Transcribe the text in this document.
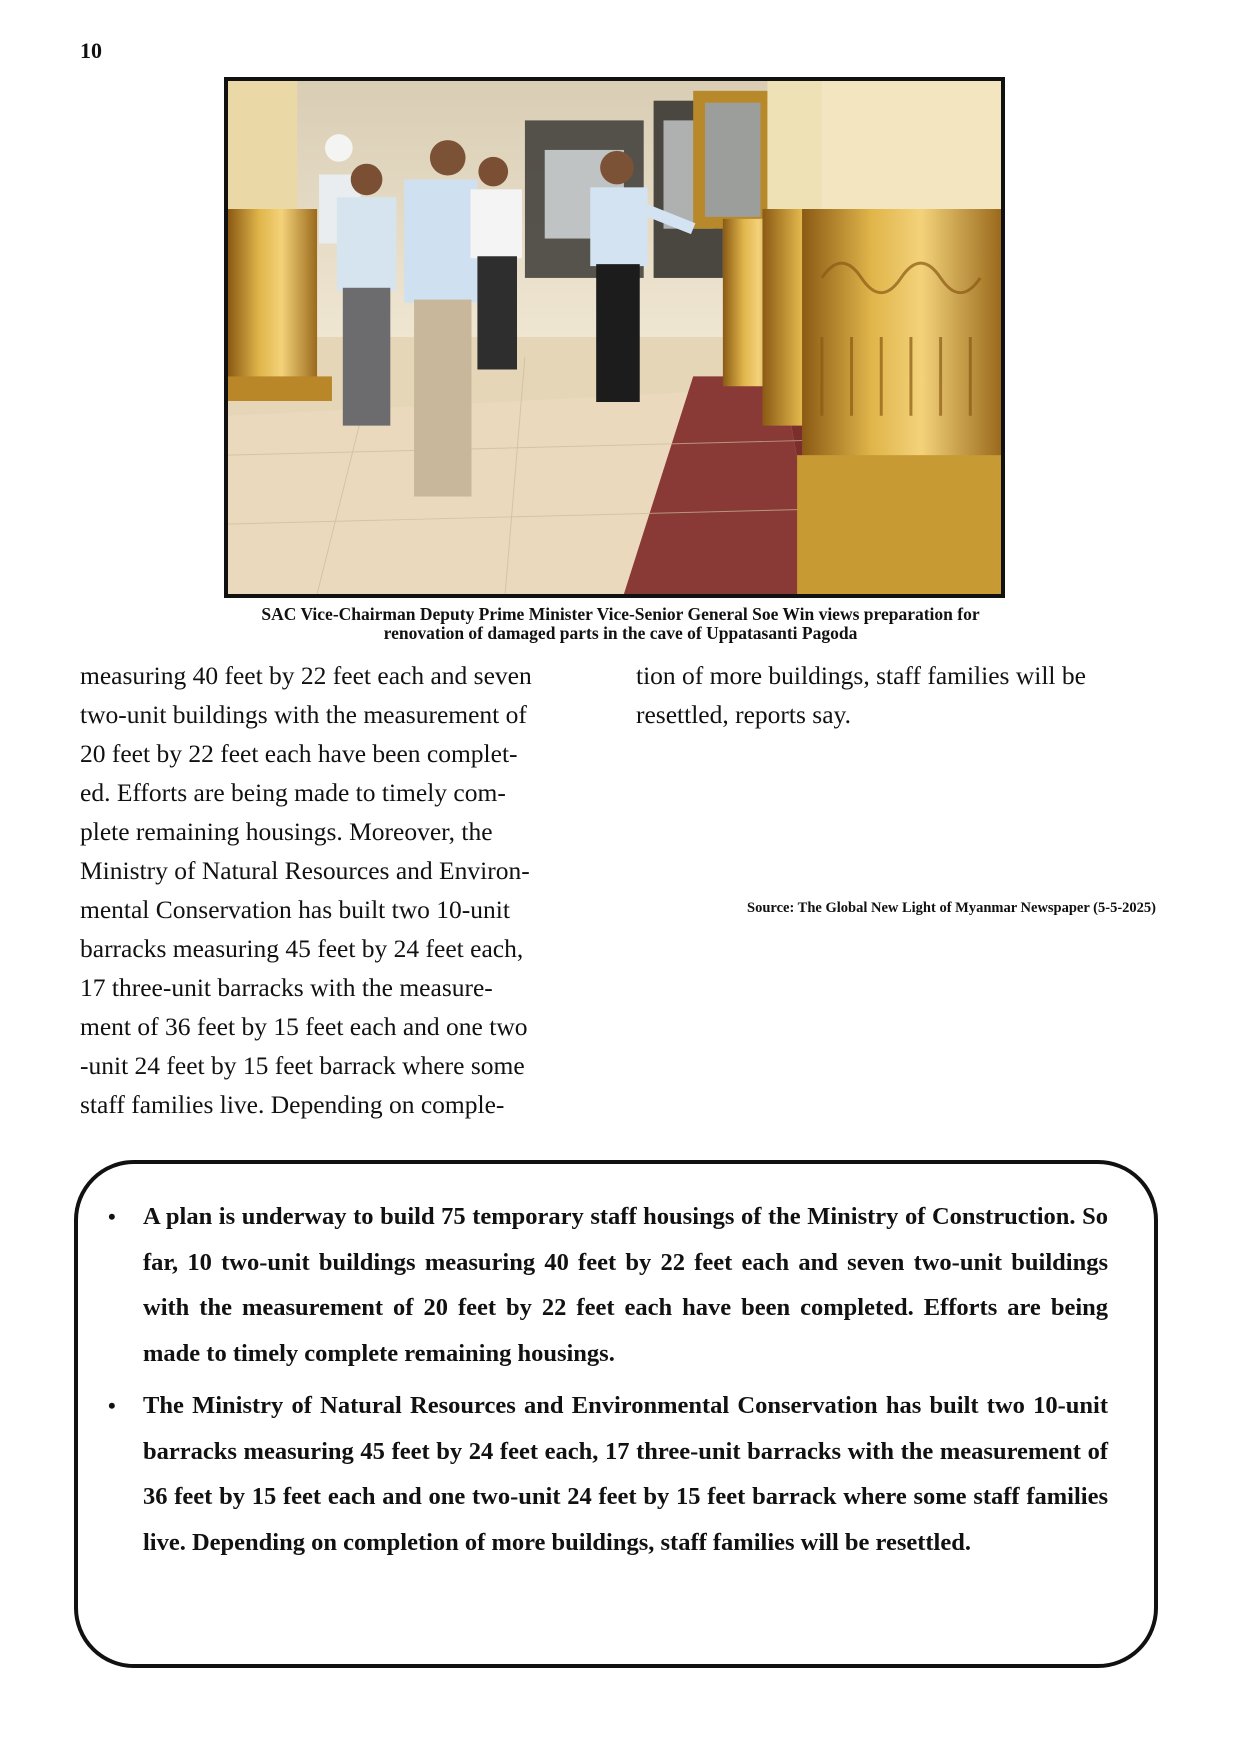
10
SAC Vice-Chairman Deputy Prime Minister Vice-Senior General Soe Win views preparation for
renovation of damaged parts in the cave of Uppatasanti Pagoda
measuring 40 feet by 22 feet each and seven
two-unit buildings with the measurement of
20 feet by 22 feet each have been complet-
ed. Efforts are being made to timely com-
plete remaining housings. Moreover, the
Ministry of Natural Resources and Environ-
mental Conservation has built two 10-unit
barracks measuring 45 feet by 24 feet each,
17 three-unit barracks with the measure-
ment of 36 feet by 15 feet each and one two
-unit 24 feet by 15 feet barrack where some
staff families live. Depending on comple-
tion of more buildings, staff families will be
resettled, reports say.
Source: The Global New Light of Myanmar Newspaper (5-5-2025)
• A plan is underway to build 75 temporary staff housings of the Ministry of Construction. So far, 10 two-unit buildings measuring 40 feet by 22 feet each and seven two-unit buildings with the measurement of 20 feet by 22 feet each have been completed. Efforts are being made to timely complete remaining housings.
• The Ministry of Natural Resources and Environmental Conservation has built two 10-unit barracks measuring 45 feet by 24 feet each, 17 three-unit barracks with the measurement of 36 feet by 15 feet each and one two-unit 24 feet by 15 feet barrack where some staff families live. Depending on completion of more buildings, staff families will be resettled.
